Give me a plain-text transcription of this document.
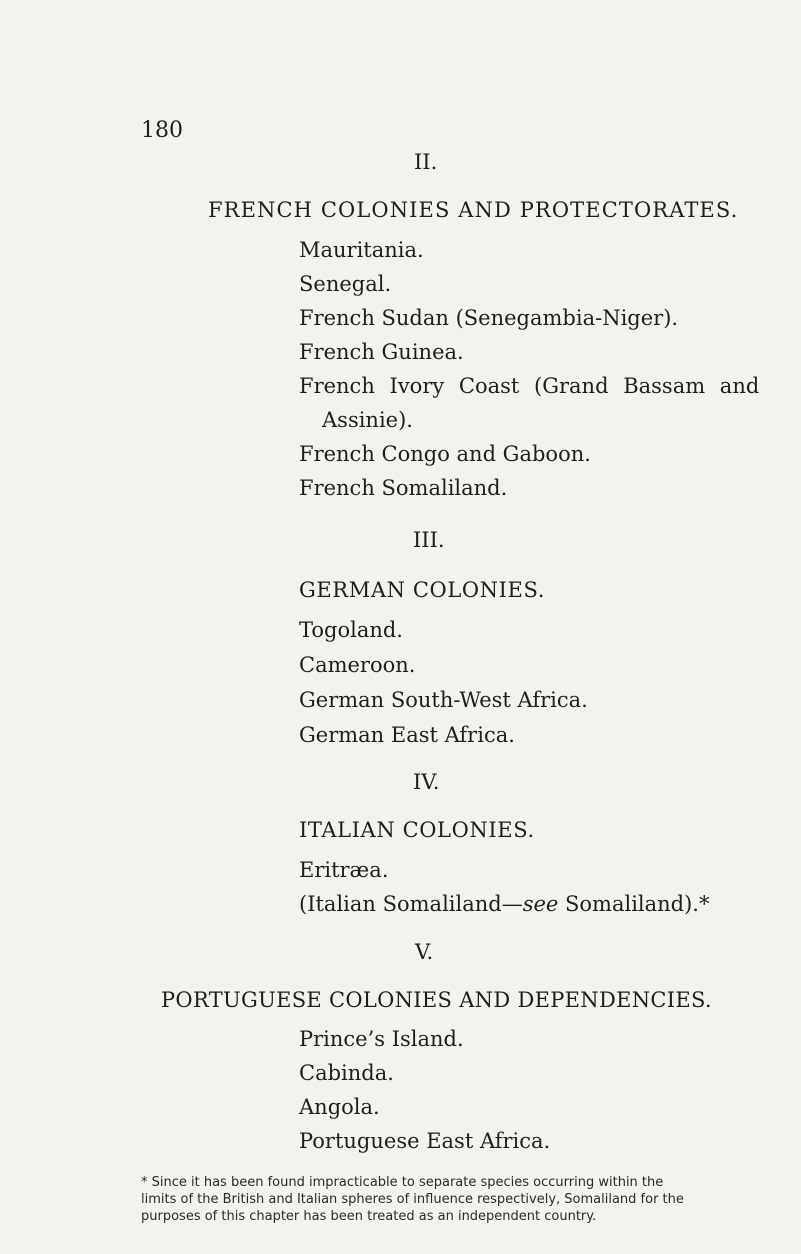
180
II.
FRENCH COLONIES AND PROTECTORATES.
Mauritania.
Senegal.
French Sudan (Senegambia-Niger).
French Guinea.
French Ivory Coast (Grand Bassam and
Assinie).
French Congo and Gaboon.
French Somaliland.
III.
GERMAN COLONIES.
Togoland.
Cameroon.
German South-West Africa.
German East Africa.
IV.
ITALIAN COLONIES.
Eritræa.
(Italian Somaliland—see Somaliland).*
V.
PORTUGUESE COLONIES AND DEPENDENCIES.
Prince’s Island.
Cabinda.
Angola.
Portuguese East Africa.
* Since it has been found impracticable to separate species occurring within the
limits of the British and Italian spheres of influence respectively, Somaliland for the
purposes of this chapter has been treated as an independent country.
